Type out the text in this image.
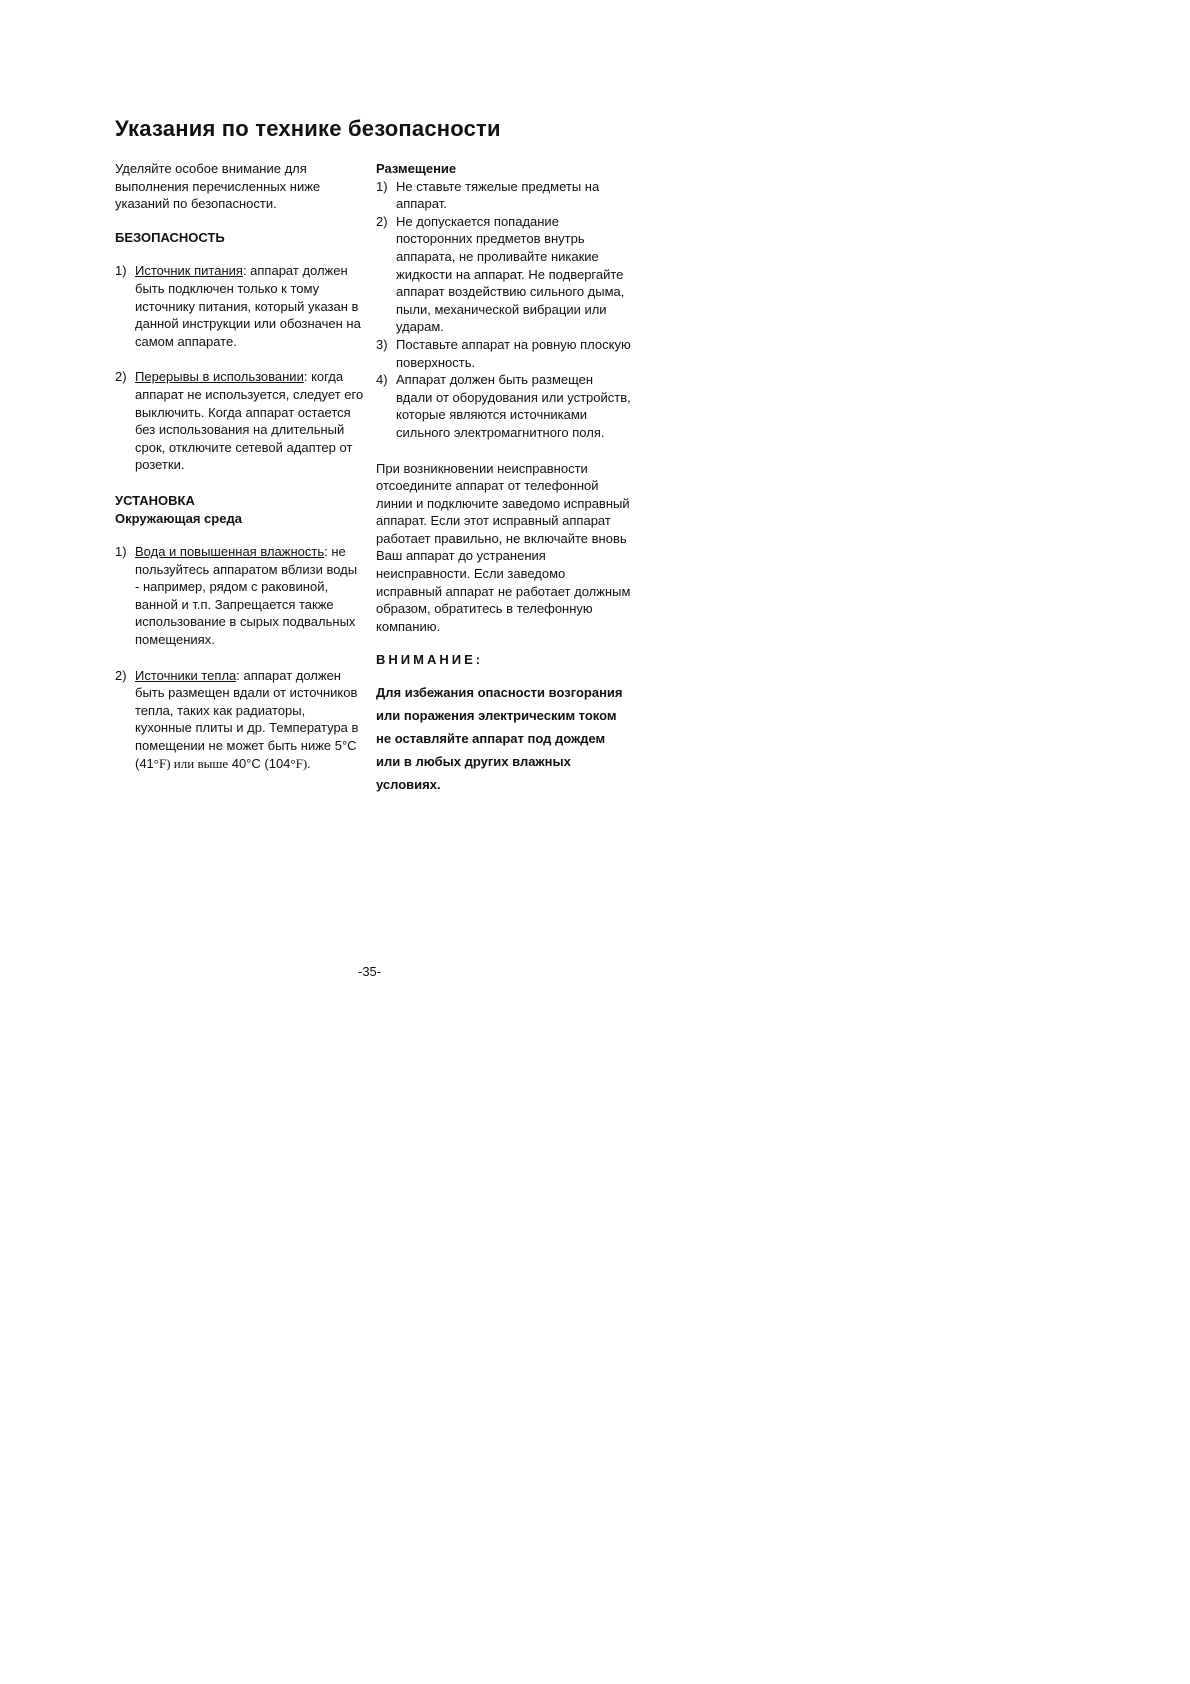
Указания по технике безопасности

Уделяйте особое внимание для выполнения перечисленных ниже указаний по безопасности.

БЕЗОПАСНОСТЬ

1) Источник питания: аппарат должен быть подключен только к тому источнику питания, который указан в данной инструкции или обозначен на самом аппарате.
2) Перерывы в использовании: когда аппарат не используется, следует его выключить. Когда аппарат остается без использования на длительный срок, отключите сетевой адаптер от розетки.

УСТАНОВКА

Окружающая среда

1) Вода и повышенная влажность: не пользуйтесь аппаратом вблизи воды - например, рядом с раковиной, ванной и т.п. Запрещается также использование в сырых подвальных помещениях.
2) Источники тепла: аппарат должен быть размещен вдали от источников тепла, таких как радиаторы, кухонные плиты и др. Температура в помещении не может быть ниже 5°С (41°F) или выше 40°С (104°F).

Размещение

1) Не ставьте тяжелые предметы на аппарат.
2) Не допускается попадание посторонних предметов внутрь аппарата, не проливайте никакие жидкости на аппарат. Не подвергайте аппарат воздействию сильного дыма, пыли, механической вибрации или ударам.
3) Поставьте аппарат на ровную плоскую поверхность.
4) Аппарат должен быть размещен вдали от оборудования или устройств, которые являются источниками сильного электромагнитного поля.

При возникновении неисправности отсоедините аппарат от телефонной линии и подключите заведомо исправный аппарат. Если этот исправный аппарат работает правильно, не включайте вновь Ваш аппарат до устранения неисправности. Если заведомо исправный аппарат не работает должным образом, обратитесь в телефонную компанию.

ВНИМАНИЕ:

Для избежания опасности возгорания или поражения электрическим током не оставляйте аппарат под дождем или в любых других влажных условиях.

-35-
